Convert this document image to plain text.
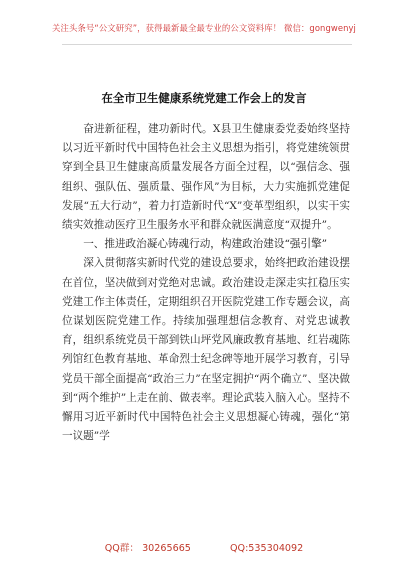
关注头条号“公文研究”，获得最新最全最专业的公文资料库！ 微信：gongwenyj
在全市卫生健康系统党建工作会上的发言

奋进新征程，建功新时代。X县卫生健康委党委始终坚持以习近平新时代中国特色社会主义思想为指引，将党建统领贯穿到全县卫生健康高质量发展各方面全过程，以“强信念、强组织、强队伍、强质量、强作风”为目标，大力实施抓党建促发展“五大行动”，着力打造新时代“X”变革型组织，以实干实绩实效推动医疗卫生服务水平和群众就医满意度“双提升”。

一、推进政治凝心铸魂行动，构建政治建设“强引擎”

深入贯彻落实新时代党的建设总要求，始终把政治建设摆在首位，坚决做到对党绝对忠诚。政治建设走深走实扛稳压实党建工作主体责任，定期组织召开医院党建工作专题会议，高位谋划医院党建工作。持续加强理想信念教育、对党忠诚教育，组织系统党员干部到铁山坪党风廉政教育基地、红岩魂陈列馆红色教育基地、革命烈士纪念碑等地开展学习教育，引导党员干部全面提高“政治三力”在坚定拥护“两个确立”、坚决做到“两个维护”上走在前、做表率。理论武装入脑入心。坚持不懈用习近平新时代中国特色社会主义思想凝心铸魂，强化“第一议题”学

QQ群： 30265665	QQ:535304092
